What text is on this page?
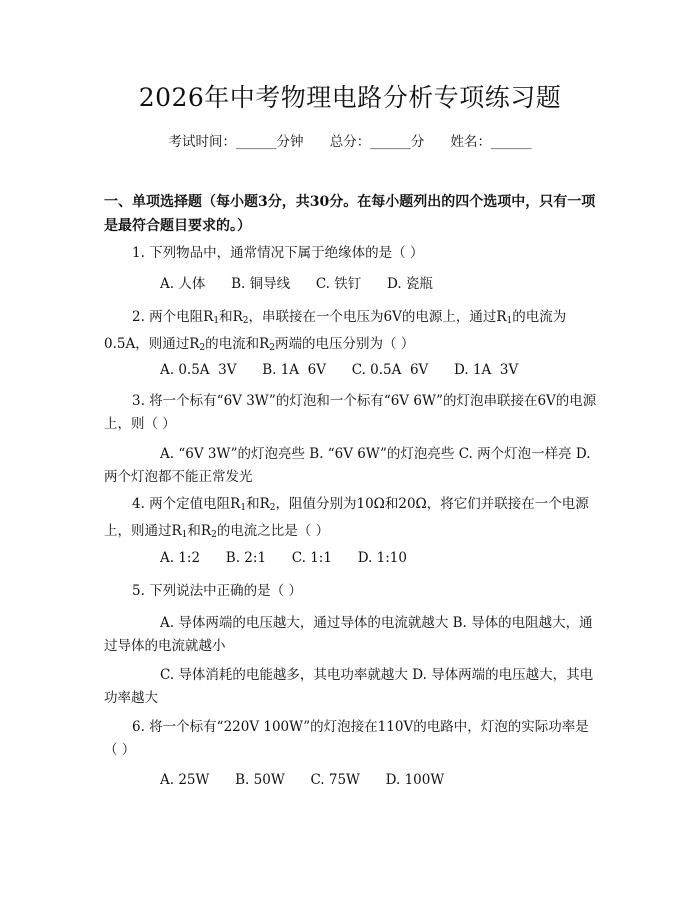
2026年中考物理电路分析专项练习题
考试时间：______分钟 总分：______分 姓名：______
一、单项选择题（每小题3分，共30分。在每小题列出的四个选项中，只有一项是最符合题目要求的。）
1. 下列物品中，通常情况下属于绝缘体的是（ ）
A. 人体      B. 铜导线      C. 铁钉      D. 瓷瓶
2. 两个电阻$R_1$和$R_2$，串联接在一个电压为6V的电源上，通过$R_1$的电流为0.5A，则通过$R_2$的电流和$R_2$两端的电压分别为（ ）
A. 0.5A  3V      B. 1A  6V      C. 0.5A  6V      D. 1A  3V
3. 将一个标有“6V 3W”的灯泡和一个标有“6V 6W”的灯泡串联接在6V的电源上，则（ ）
A. “6V 3W”的灯泡亮些 B. “6V 6W”的灯泡亮些 C. 两个灯泡一样亮 D. 两个灯泡都不能正常发光
4. 两个定值电阻$R_1$和$R_2$，阻值分别为10Ω和20Ω，将它们并联接在一个电源上，则通过$R_1$和$R_2$的电流之比是（ ）
A. 1:2      B. 2:1      C. 1:1      D. 1:10
5. 下列说法中正确的是（ ）
A. 导体两端的电压越大，通过导体的电流就越大 B. 导体的电阻越大，通过导体的电流就越小
C. 导体消耗的电能越多，其电功率就越大 D. 导体两端的电压越大，其电功率越大
6. 将一个标有“220V 100W”的灯泡接在110V的电路中，灯泡的实际功率是（ ）
A. 25W      B. 50W      C. 75W      D. 100W
